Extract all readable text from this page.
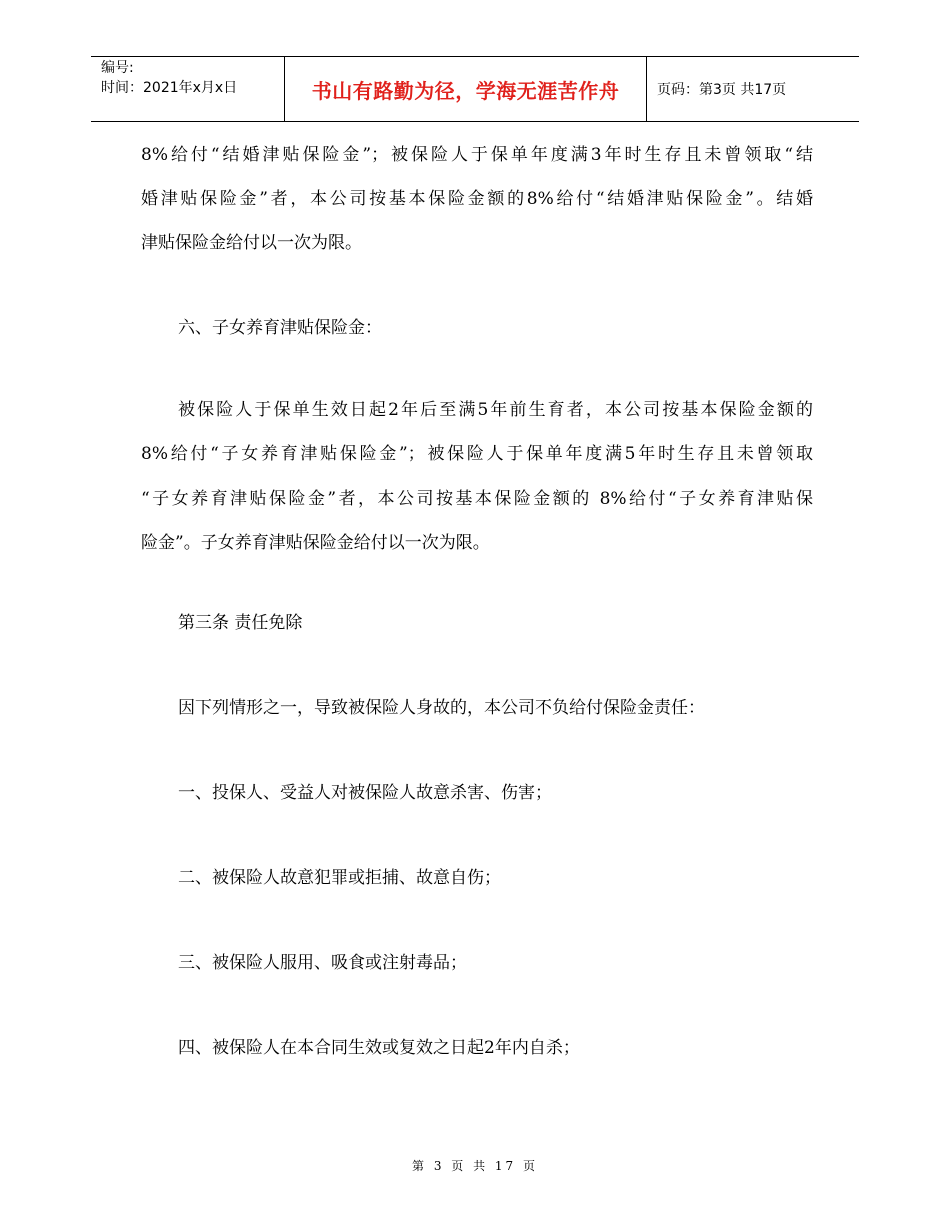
编号:
时间：2021年x月x日	书山有路勤为径，学海无涯苦作舟	页码：第3页 共17页
8%给付“结婚津贴保险金”；被保险人于保单年度满3年时生存且未曾领取“结
婚津贴保险金”者，本公司按基本保险金额的8%给付“结婚津贴保险金”。结婚
津贴保险金给付以一次为限。
六、子女养育津贴保险金：
被保险人于保单生效日起2年后至满5年前生育者，本公司按基本保险金额的
8%给付“子女养育津贴保险金”；被保险人于保单年度满5年时生存且未曾领取
“子女养育津贴保险金”者，本公司按基本保险金额的 8%给付“子女养育津贴保
险金”。子女养育津贴保险金给付以一次为限。
第三条 责任免除
因下列情形之一，导致被保险人身故的，本公司不负给付保险金责任：
一、投保人、受益人对被保险人故意杀害、伤害；
二、被保险人故意犯罪或拒捕、故意自伤；
三、被保险人服用、吸食或注射毒品；
四、被保险人在本合同生效或复效之日起2年内自杀；
第 3 页 共 17 页
